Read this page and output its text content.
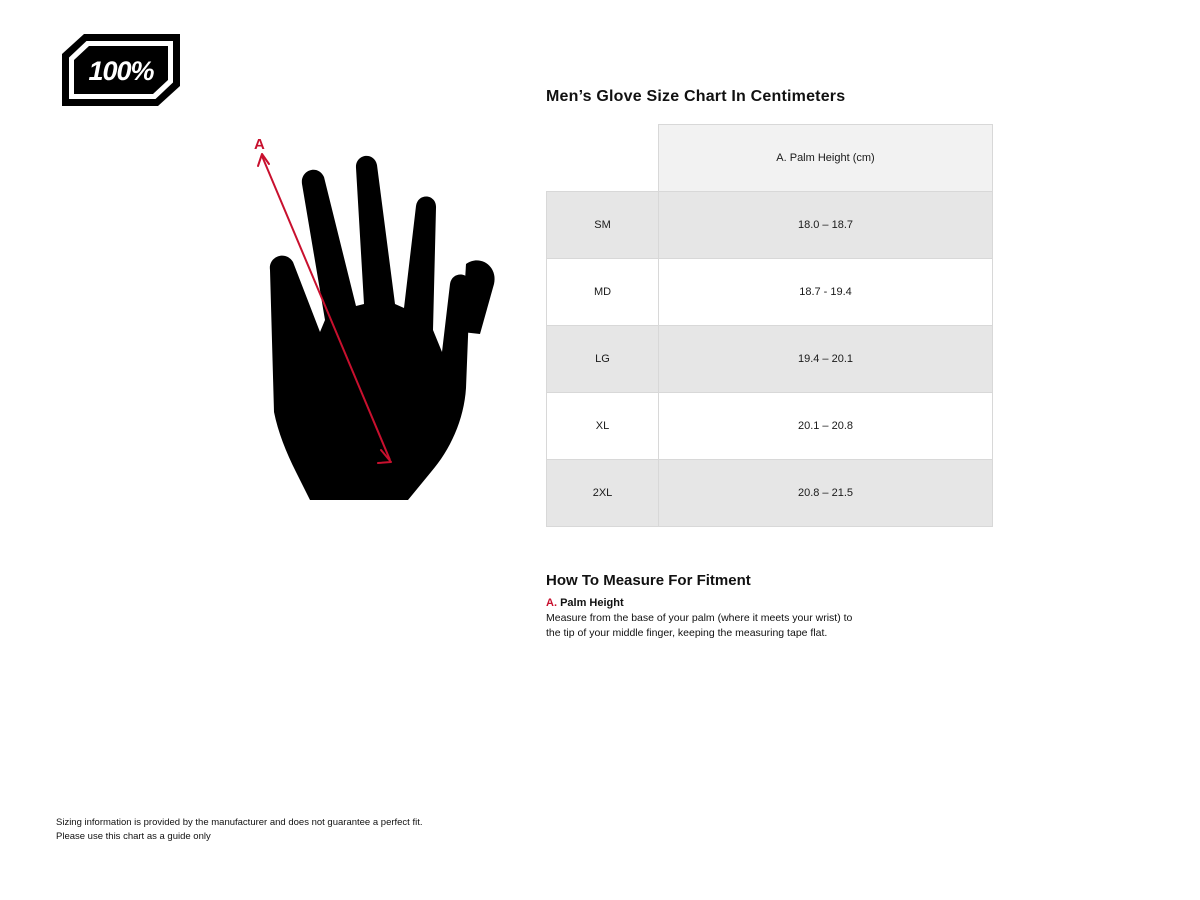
100%
A
Men’s Glove Size Chart In Centimeters
	A. Palm Height (cm)
SM	18.0 – 18.7
MD	18.7 - 19.4
LG	19.4 – 20.1
XL	20.1 – 20.8
2XL	20.8 – 21.5
How To Measure For Fitment

A. Palm Height

Measure from the base of your palm (where it meets your wrist) to the tip of your middle finger, keeping the measuring tape flat.

Sizing information is provided by the manufacturer and does not guarantee a perfect fit.
Please use this chart as a guide only
